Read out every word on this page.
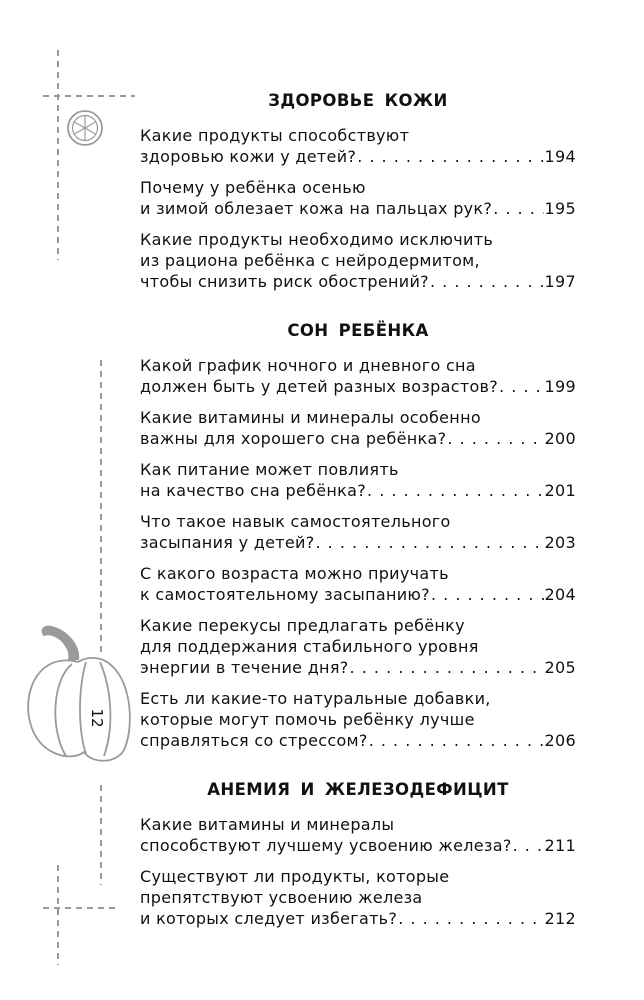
12
ЗДОРОВЬЕ КОЖИ
Какие продукты способствуют
здоровью кожи у детей? . . .	194
Почему у ребёнка осенью
и зимой облезает кожа на пальцах рук? . . .	195
Какие продукты необходимо исключить
из рациона ребёнка с нейродермитом,
чтобы снизить риск обострений? . . .	197
СОН РЕБЁНКА
Какой график ночного и дневного сна
должен быть у детей разных возрастов? . . .	199
Какие витамины и минералы особенно
важны для хорошего сна ребёнка? . . .	200
Как питание может повлиять
на качество сна ребёнка? . . .	201
Что такое навык самостоятельного
засыпания у детей? . . .	203
С какого возраста можно приучать
к самостоятельному засыпанию? . . .	204
Какие перекусы предлагать ребёнку
для поддержания стабильного уровня
энергии в течение дня? . . .	205
Есть ли какие-то натуральные добавки,
которые могут помочь ребёнку лучше
справляться со стрессом? . . .	206
АНЕМИЯ И ЖЕЛЕЗОДЕФИЦИТ
Какие витамины и минералы
способствуют лучшему усвоению железа? . . . 211
Существуют ли продукты, которые
препятствуют усвоению железа
и которых следует избегать? . . .	212
